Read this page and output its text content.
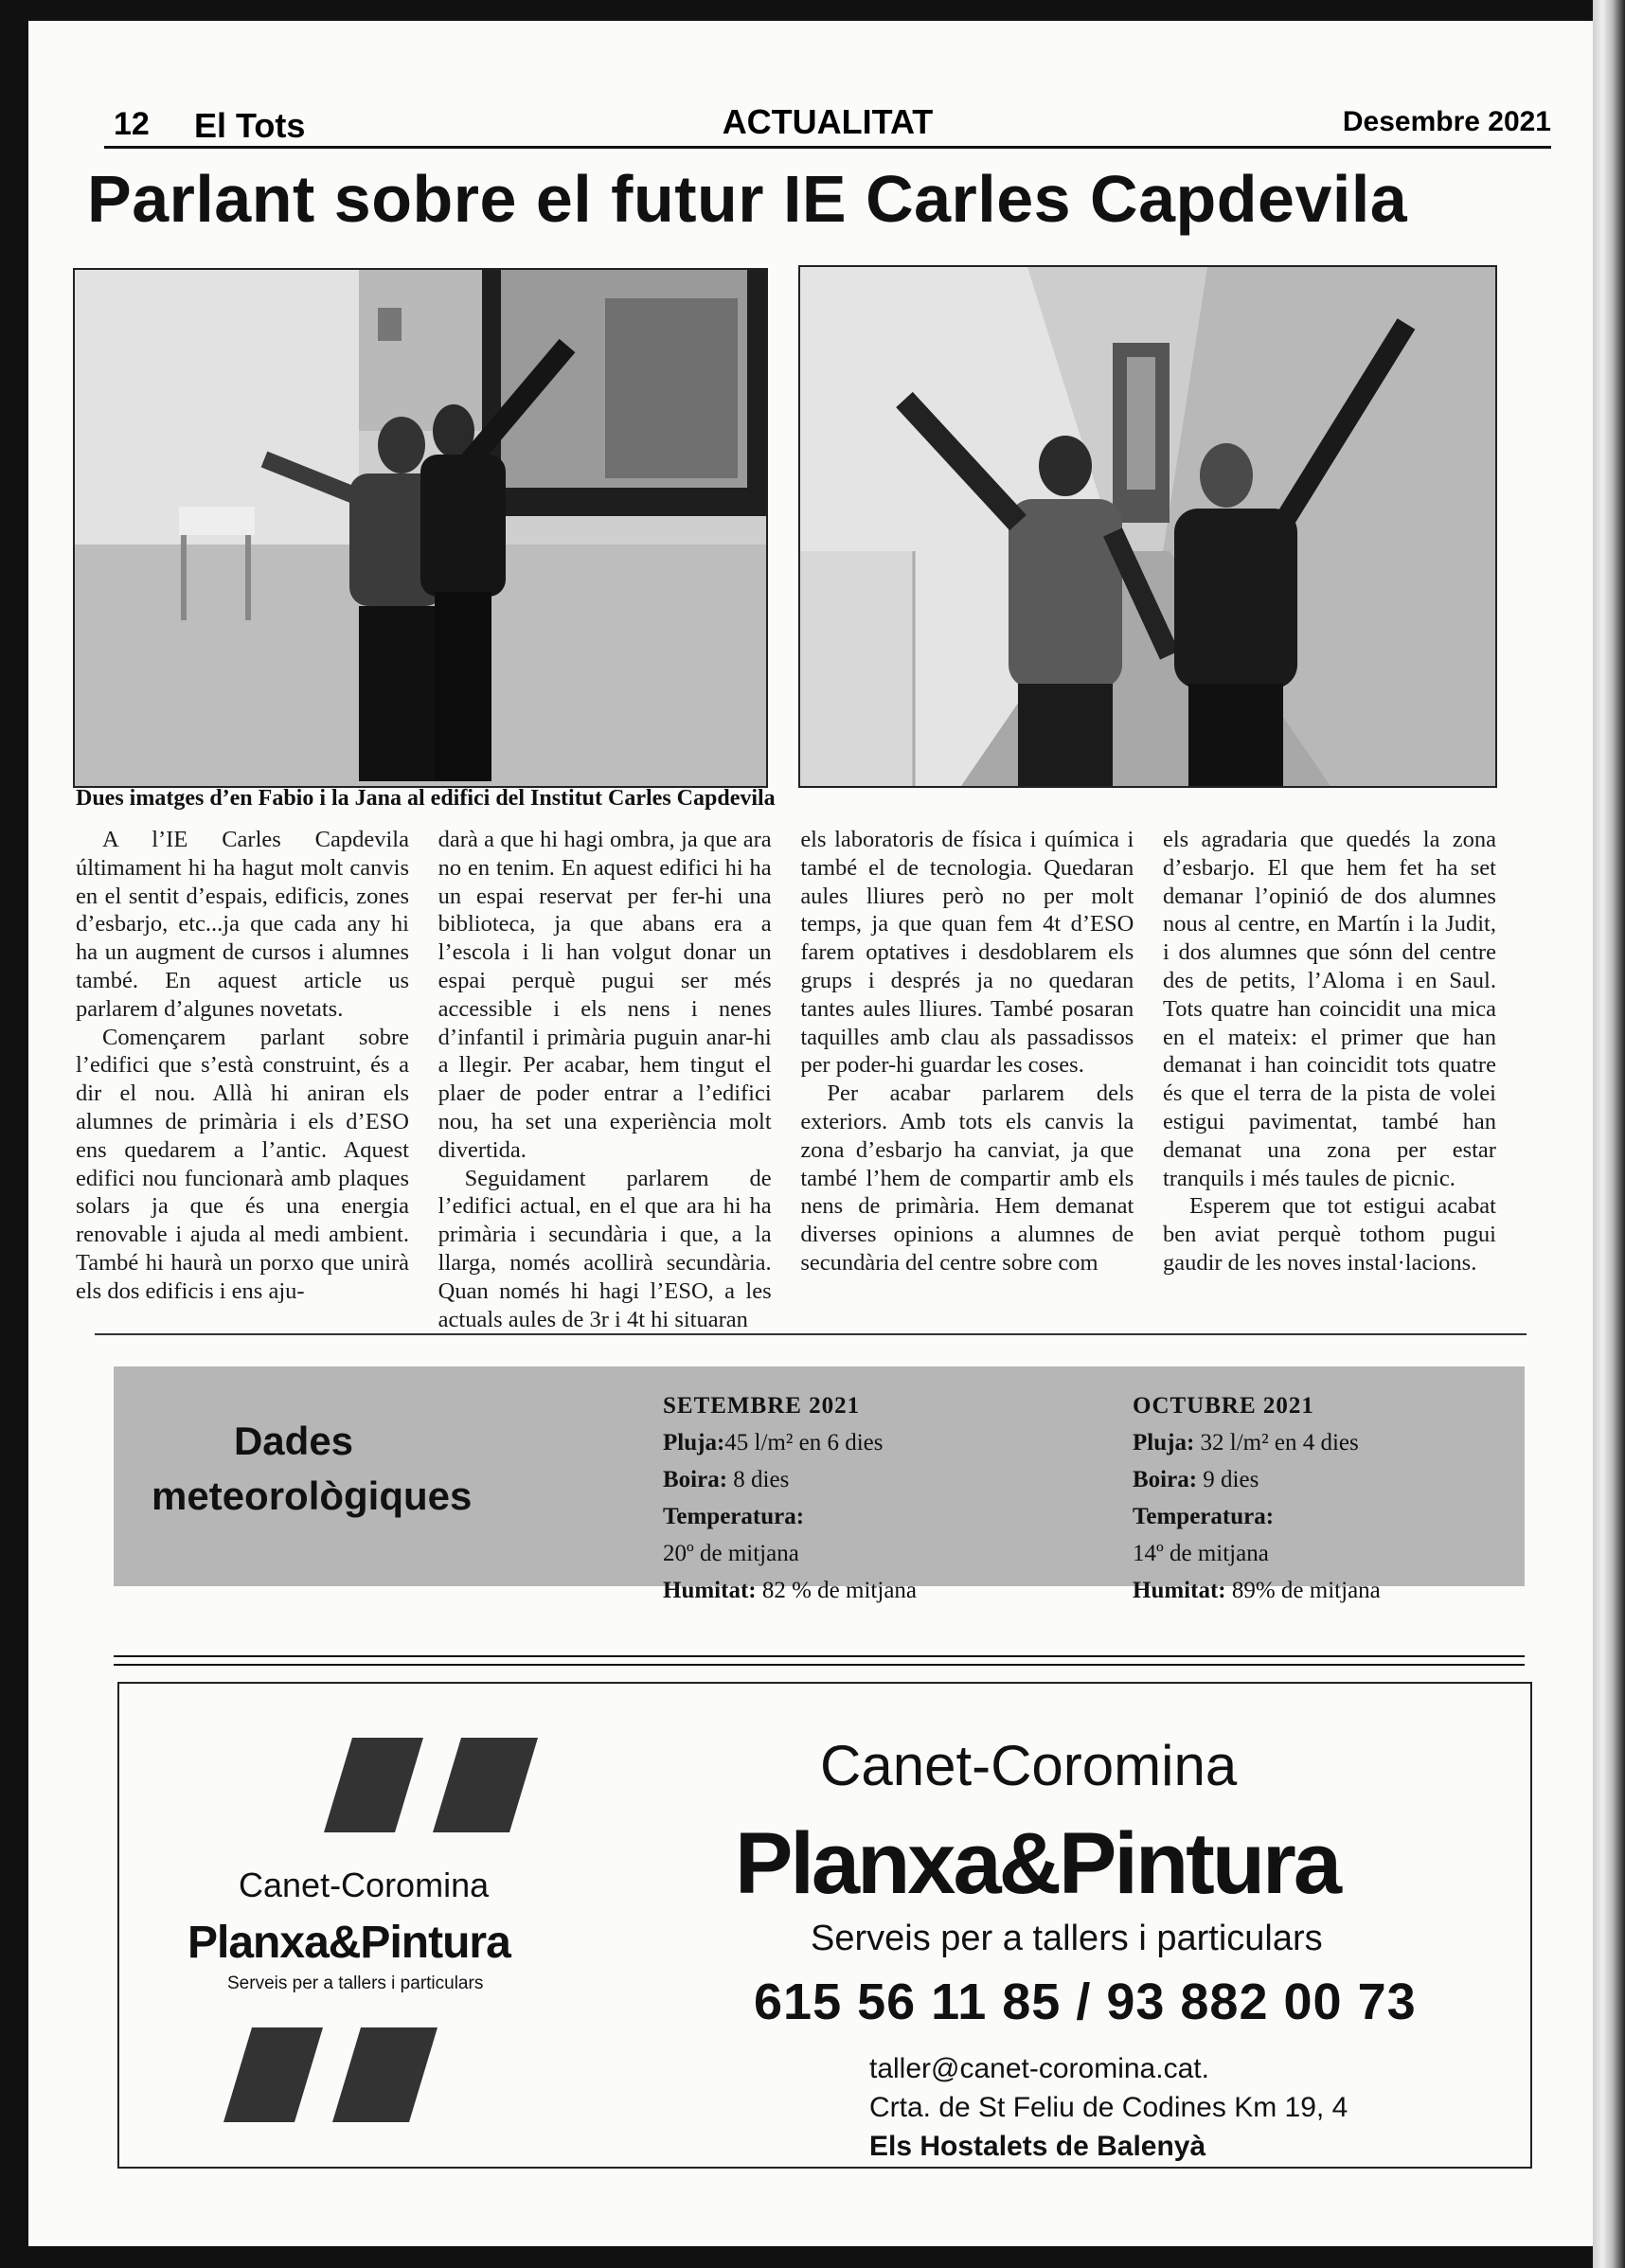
12 El Tots	ACTUALITAT	Desembre 2021
Parlant sobre el futur IE Carles Capdevila
Dues imatges d’en Fabio i la Jana al edifici del Institut Carles Capdevila

A l’IE Carles Capdevila últimament hi ha hagut molt canvis en el sentit d’espais, edificis, zones d’esbarjo, etc...ja que cada any hi ha un augment de cursos i alumnes també. En aquest article us parlarem d’algunes novetats.

Començarem parlant sobre l’edifici que s’està construint, és a dir el nou. Allà hi aniran els alumnes de primària i els d’ESO ens quedarem a l’antic. Aquest edifici nou funcionarà amb plaques solars ja que és una energia renovable i ajuda al medi ambient. També hi haurà un porxo que unirà els dos edificis i ens aju-

darà a que hi hagi ombra, ja que ara no en tenim. En aquest edifici hi ha un espai reservat per fer-hi una biblioteca, ja que abans era a l’escola i li han volgut donar un espai perquè pugui ser més accessible i els nens i nenes d’infantil i primària puguin anar-hi a llegir. Per acabar, hem tingut el plaer de poder entrar a l’edifici nou, ha set una experiència molt divertida.

Seguidament parlarem de l’edifici actual, en el que ara hi ha primària i secundària i que, a la llarga, només acollirà secundària. Quan només hi hagi l’ESO, a les actuals aules de 3r i 4t hi situaran

els laboratoris de física i química i també el de tecnologia. Quedaran aules lliures però no per molt temps, ja que quan fem 4t d’ESO farem optatives i desdoblarem els grups i després ja no quedaran tantes aules lliures. També posaran taquilles amb clau als passadissos per poder-hi guardar les coses.

Per acabar parlarem dels exteriors. Amb tots els canvis la zona d’esbarjo ha canviat, ja que també l’hem de compartir amb els nens de primària. Hem demanat diverses opinions a alumnes de secundària del centre sobre com

els agradaria que quedés la zona d’esbarjo. El que hem fet ha set demanar l’opinió de dos alumnes nous al centre, en Martín i la Judit, i dos alumnes que sónn del centre des de petits, l’Aloma i en Saul. Tots quatre han coincidit una mica en el mateix: el primer que han demanat i han coincidit tots quatre és que el terra de la pista de volei estigui pavimentat, també han demanat una zona per estar tranquils i més taules de picnic.

Esperem que tot estigui acabat ben aviat perquè tothom pugui gaudir de les noves instal·lacions.

Dades
meteorològiques
SETEMBRE 2021
Pluja:45 l/m² en 6 dies
Boira: 8 dies
Temperatura:
20º de mitjana
Humitat: 82 % de mitjana
OCTUBRE 2021
Pluja: 32 l/m² en 4 dies
Boira: 9 dies
Temperatura:
14º de mitjana
Humitat: 89% de mitjana
Canet-Coromina
Planxa&Pintura
Serveis per a tallers i particulars
Canet-Coromina
Planxa&Pintura
Serveis per a tallers i particulars
615 56 11 85 / 93 882 00 73
taller@canet-coromina.cat.
Crta. de St Feliu de Codines Km 19, 4
Els Hostalets de Balenyà
